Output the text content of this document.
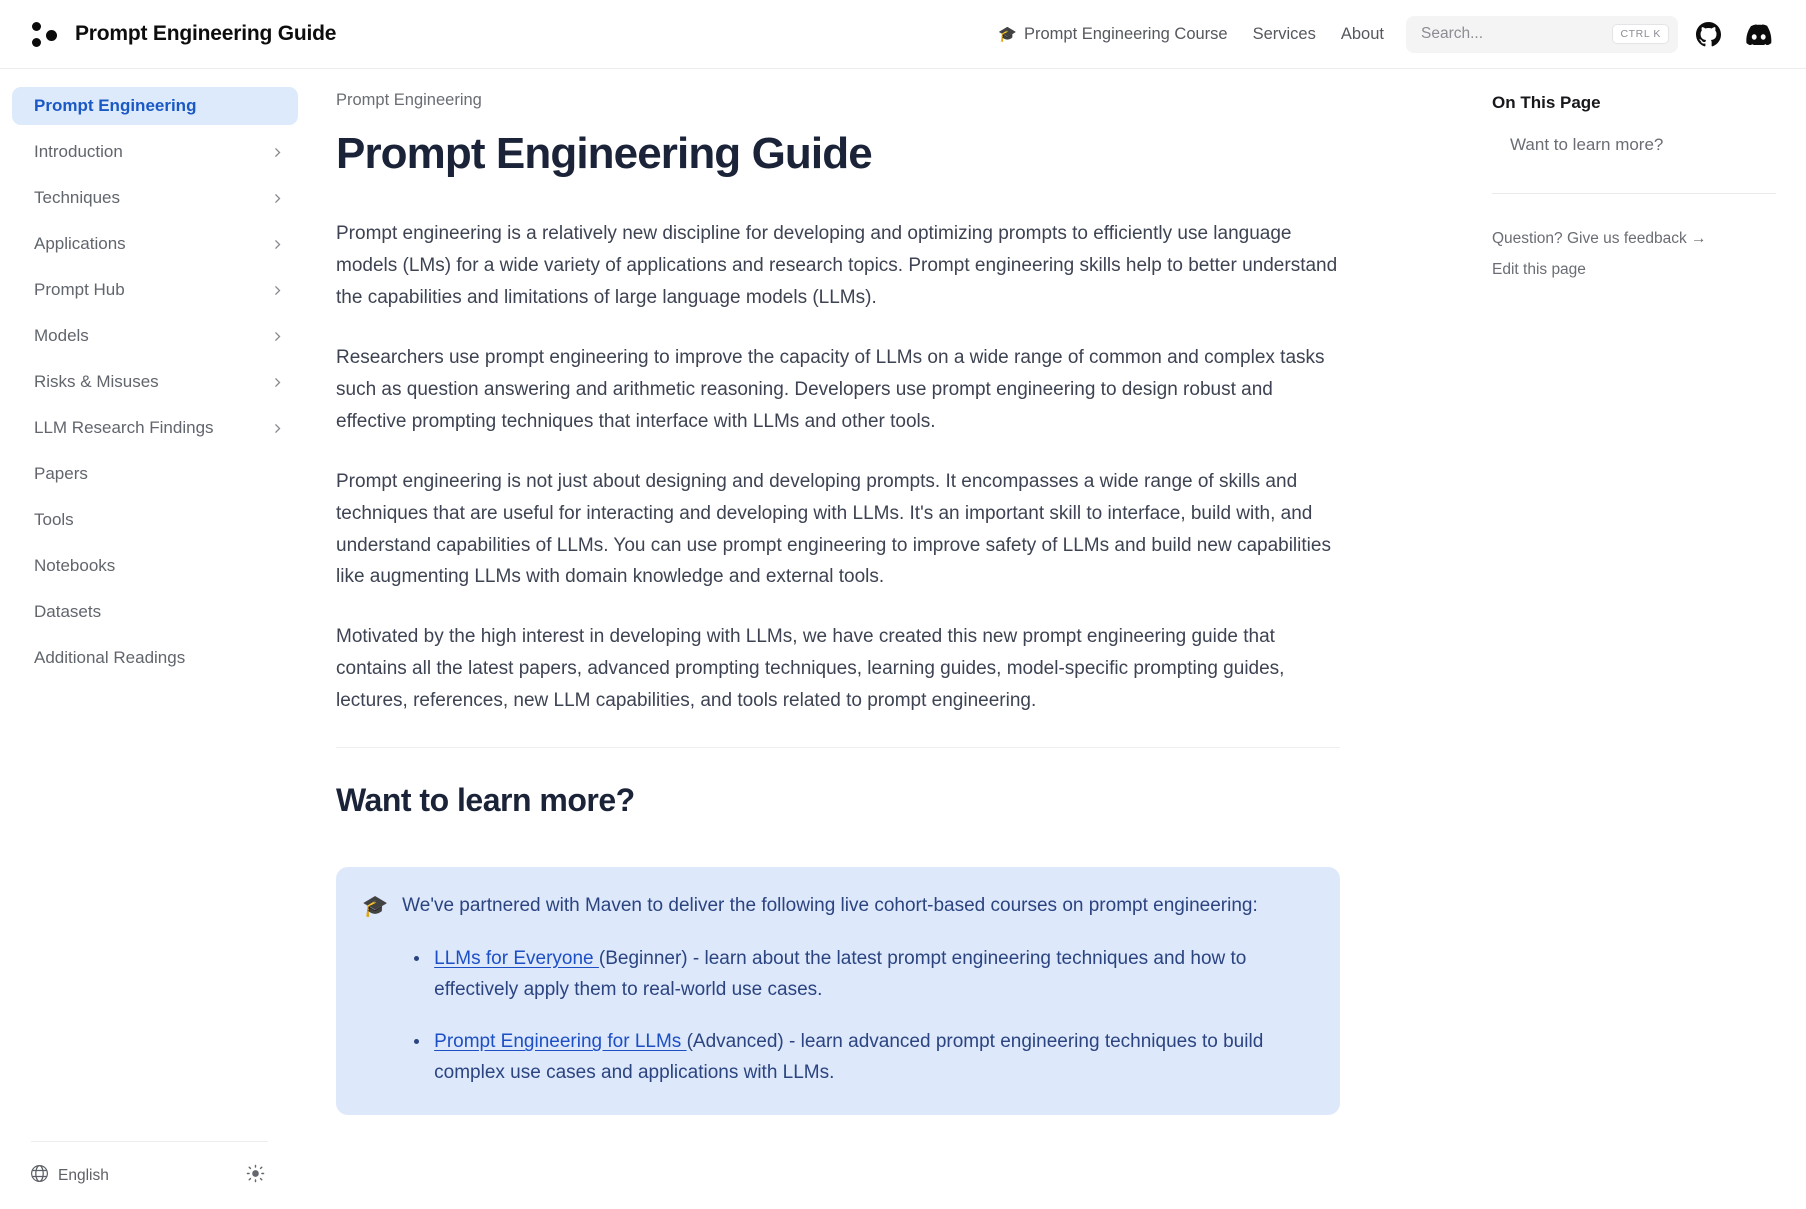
Prompt Engineering Guide	🎓 Prompt Engineering Course Services About
Search...	CTRL K
Prompt Engineering
Introduction
Techniques
Applications
Prompt Hub
Models
Risks & Misuses
LLM Research Findings
Papers
Tools
Notebooks
Datasets
Additional Readings
English
Prompt Engineering
Prompt Engineering Guide

Prompt engineering is a relatively new discipline for developing and optimizing prompts to efficiently use language models (LMs) for a wide variety of applications and research topics. Prompt engineering skills help to better understand the capabilities and limitations of large language models (LLMs).

Researchers use prompt engineering to improve the capacity of LLMs on a wide range of common and complex tasks such as question answering and arithmetic reasoning. Developers use prompt engineering to design robust and effective prompting techniques that interface with LLMs and other tools.

Prompt engineering is not just about designing and developing prompts. It encompasses a wide range of skills and techniques that are useful for interacting and developing with LLMs. It's an important skill to interface, build with, and understand capabilities of LLMs. You can use prompt engineering to improve safety of LLMs and build new capabilities like augmenting LLMs with domain knowledge and external tools.

Motivated by the high interest in developing with LLMs, we have created this new prompt engineering guide that contains all the latest papers, advanced prompting techniques, learning guides, model-specific prompting guides, lectures, references, new LLM capabilities, and tools related to prompt engineering.

Want to learn more?
🎓 We've partnered with Maven to deliver the following live cohort-based courses on prompt engineering:
LLMs for Everyone (Beginner) - learn about the latest prompt engineering techniques and how to effectively apply them to real-world use cases.
Prompt Engineering for LLMs (Advanced) - learn advanced prompt engineering techniques to build complex use cases and applications with LLMs.
On This Page
Want to learn more?
Question? Give us feedback →
Edit this page
